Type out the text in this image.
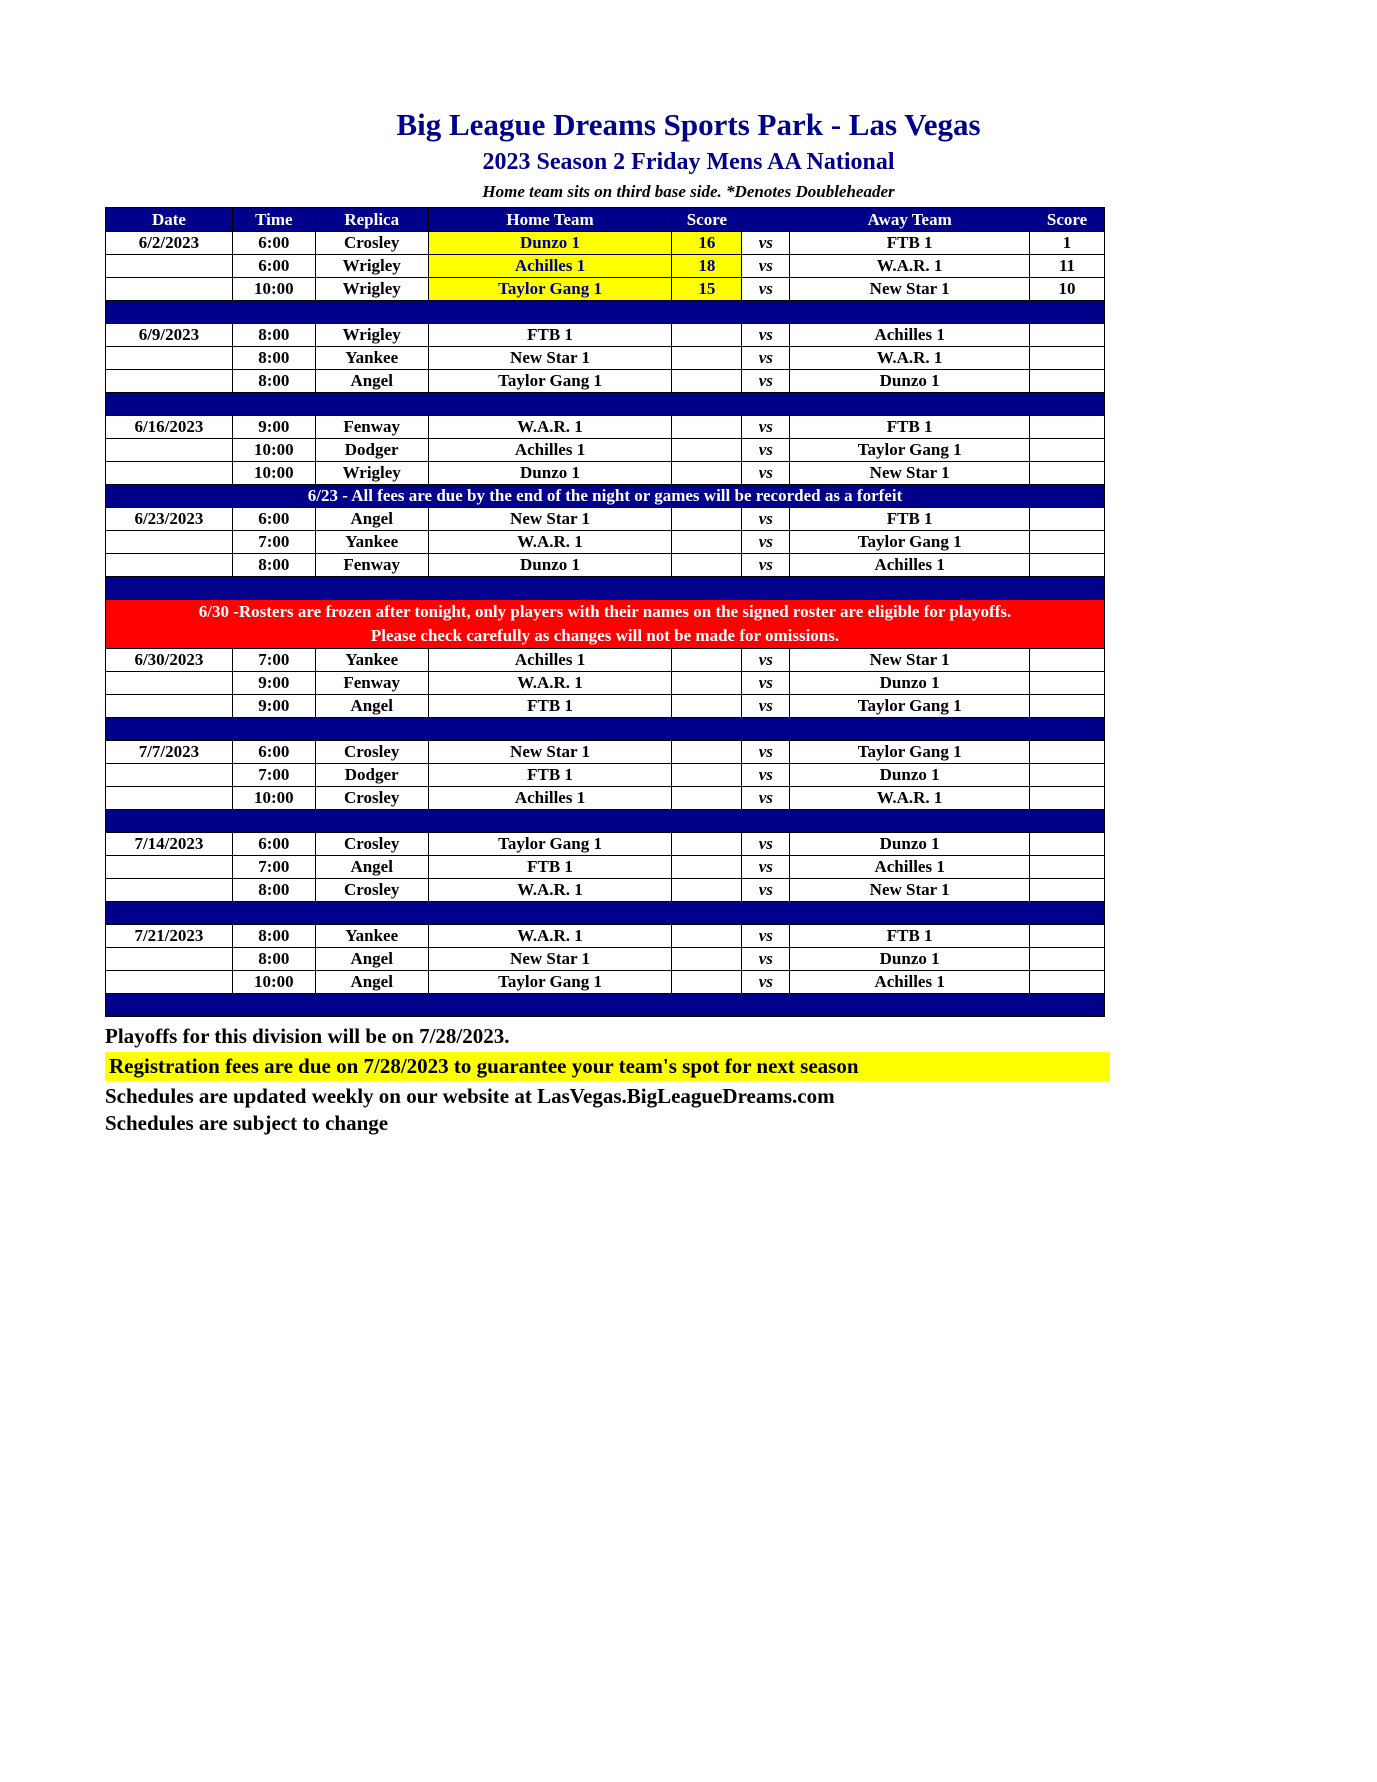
Big League Dreams Sports Park - Las Vegas
2023 Season 2 Friday Mens AA National
Home team sits on third base side. *Denotes Doubleheader
Date	Time	Replica	Home Team	Score		Away Team	Score
6/2/2023	6:00	Crosley	Dunzo 1	16	vs	FTB 1	1
	6:00	Wrigley	Achilles 1	18	vs	W.A.R. 1	11
	10:00	Wrigley	Taylor Gang 1	15	vs	New Star 1	10

6/9/2023	8:00	Wrigley	FTB 1		vs	Achilles 1	
	8:00	Yankee	New Star 1		vs	W.A.R. 1	
	8:00	Angel	Taylor Gang 1		vs	Dunzo 1	

6/16/2023	9:00	Fenway	W.A.R. 1		vs	FTB 1	
	10:00	Dodger	Achilles 1		vs	Taylor Gang 1	
	10:00	Wrigley	Dunzo 1		vs	New Star 1	

6/23 - All fees are due by the end of the night or games will be recorded as a forfeit							

6/23/2023	6:00	Angel	New Star 1		vs	FTB 1	
	7:00	Yankee	W.A.R. 1		vs	Taylor Gang 1	
	8:00	Fenway	Dunzo 1		vs	Achilles 1	

6/30 -Rosters are frozen after tonight, only players with their names on the signed roster are eligible for playoffs.
Please check carefully as changes will not be made for omissions.							

6/30/2023	7:00	Yankee	Achilles 1		vs	New Star 1	
	9:00	Fenway	W.A.R. 1		vs	Dunzo 1	
	9:00	Angel	FTB 1		vs	Taylor Gang 1	

7/7/2023	6:00	Crosley	New Star 1		vs	Taylor Gang 1	
	7:00	Dodger	FTB 1		vs	Dunzo 1	
	10:00	Crosley	Achilles 1		vs	W.A.R. 1	

7/14/2023	6:00	Crosley	Taylor Gang 1		vs	Dunzo 1	
	7:00	Angel	FTB 1		vs	Achilles 1	
	8:00	Crosley	W.A.R. 1		vs	New Star 1	

7/21/2023	8:00	Yankee	W.A.R. 1		vs	FTB 1	
	8:00	Angel	New Star 1		vs	Dunzo 1	
	10:00	Angel	Taylor Gang 1		vs	Achilles 1	

Playoffs for this division will be on 7/28/2023.
Registration fees are due on 7/28/2023 to guarantee your team's spot for next season
Schedules are updated weekly on our website at LasVegas.BigLeagueDreams.com
Schedules are subject to change
